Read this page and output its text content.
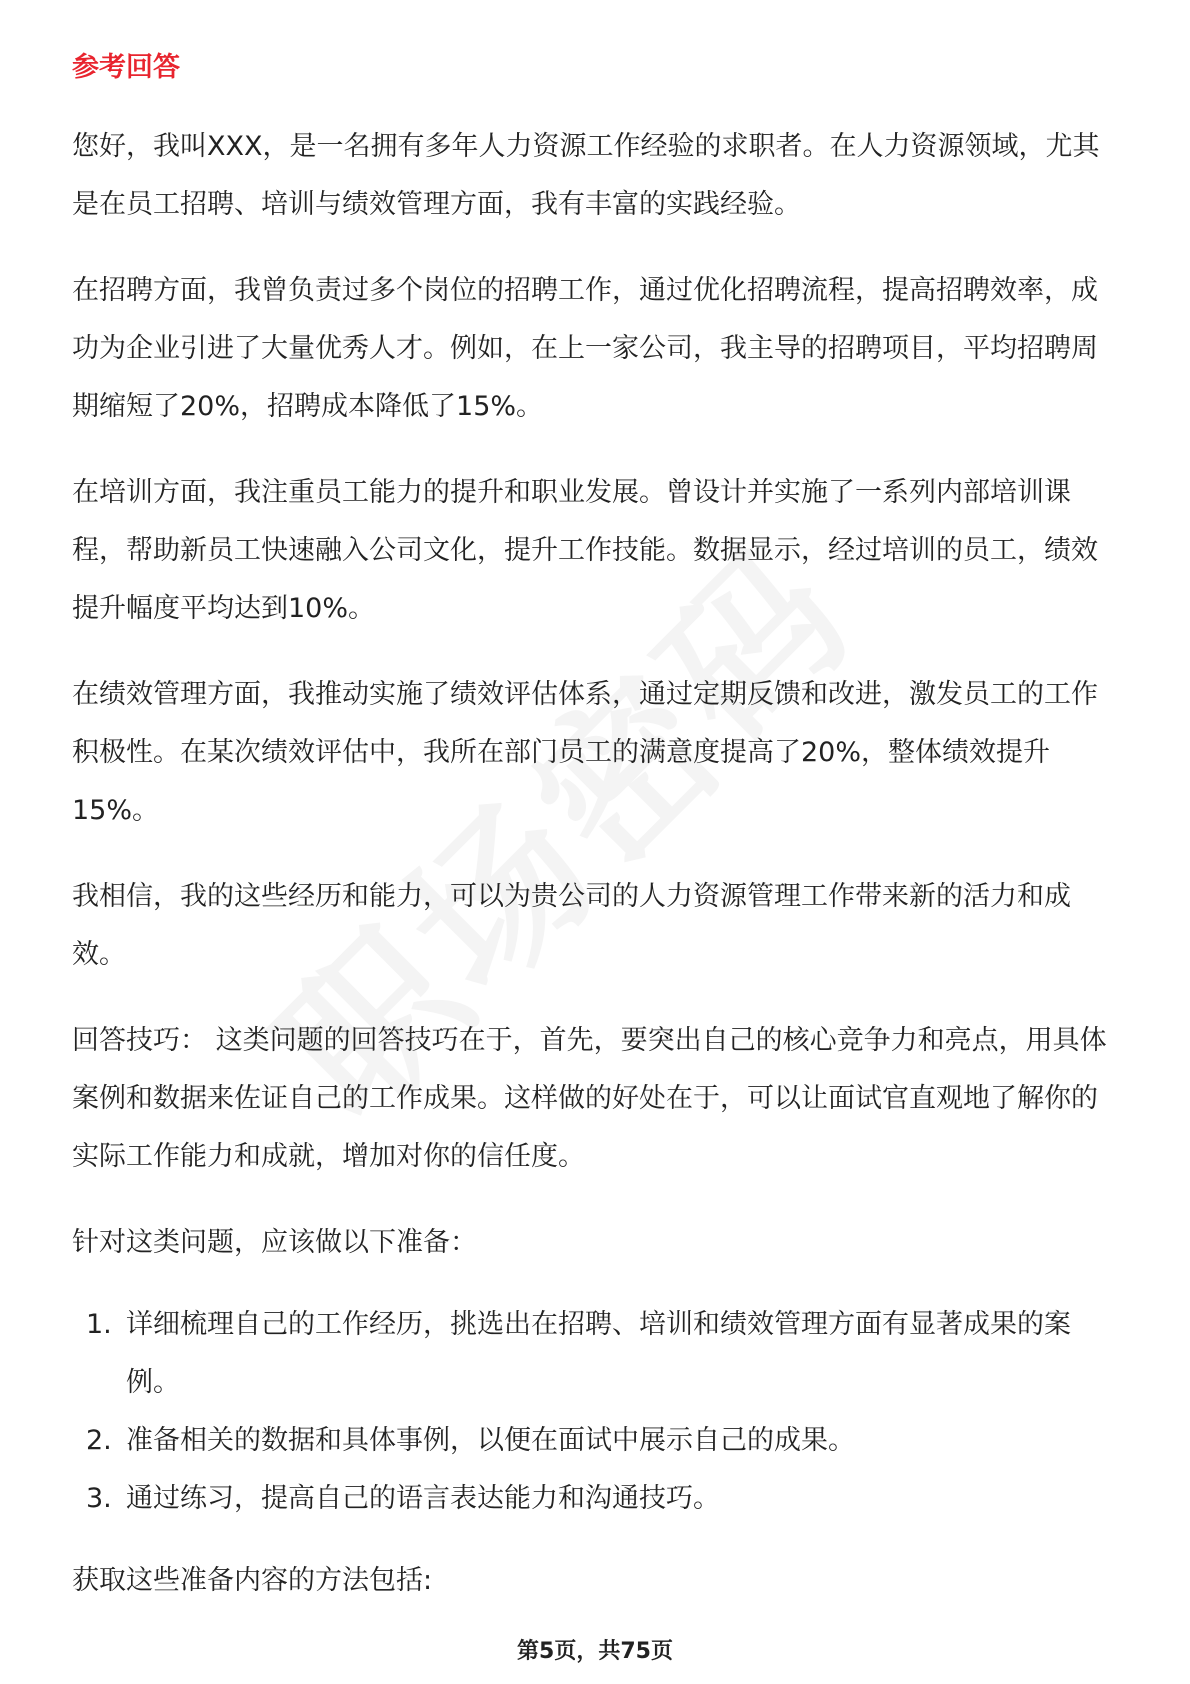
参考回答

您好，我叫XXX，是一名拥有多年人力资源工作经验的求职者。在人力资源领域，尤其是在员工招聘、培训与绩效管理方面，我有丰富的实践经验。

在招聘方面，我曾负责过多个岗位的招聘工作，通过优化招聘流程，提高招聘效率，成功为企业引进了大量优秀人才。例如，在上一家公司，我主导的招聘项目，平均招聘周期缩短了20%，招聘成本降低了15%。

在培训方面，我注重员工能力的提升和职业发展。曾设计并实施了一系列内部培训课程，帮助新员工快速融入公司文化，提升工作技能。数据显示，经过培训的员工，绩效提升幅度平均达到10%。

在绩效管理方面，我推动实施了绩效评估体系，通过定期反馈和改进，激发员工的工作积极性。在某次绩效评估中，我所在部门员工的满意度提高了20%，整体绩效提升15%。

我相信，我的这些经历和能力，可以为贵公司的人力资源管理工作带来新的活力和成效。

回答技巧： 这类问题的回答技巧在于，首先，要突出自己的核心竞争力和亮点，用具体案例和数据来佐证自己的工作成果。这样做的好处在于，可以让面试官直观地了解你的实际工作能力和成就，增加对你的信任度。

针对这类问题，应该做以下准备：

1. 详细梳理自己的工作经历，挑选出在招聘、培训和绩效管理方面有显著成果的案例。
2. 准备相关的数据和具体事例，以便在面试中展示自己的成果。
3. 通过练习，提高自己的语言表达能力和沟通技巧。

获取这些准备内容的方法包括:

第5页，共75页
